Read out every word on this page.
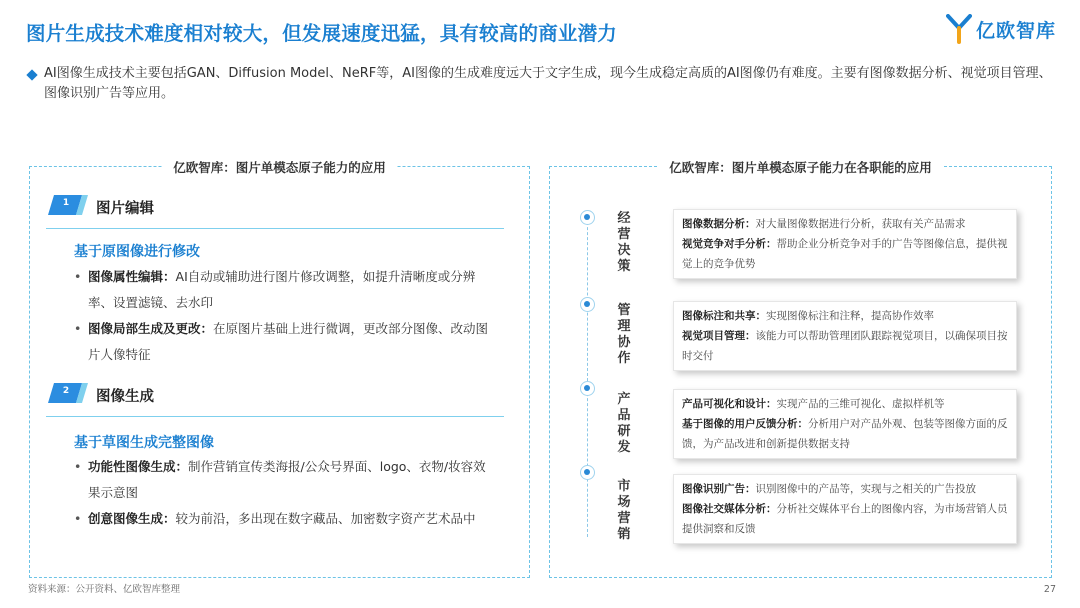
图片生成技术难度相对较大，但发展速度迅猛，具有较高的商业潜力	亿欧智库

AI图像生成技术主要包括GAN、Diffusion Model、NeRF等，AI图像的生成难度远大于文字生成，现今生成稳定高质的AI图像仍有难度。主要有图像数据分析、视觉项目管理、图像识别广告等应用。

亿欧智库：图片单模态原子能力的应用
1	图片编辑
基于原图像进行修改
• 图像属性编辑：AI自动或辅助进行图片修改调整，如提升清晰度或分辨率、设置滤镜、去水印
• 图像局部生成及更改：在原图片基础上进行微调，更改部分图像、改动图片人像特征
2	图像生成
基于草图生成完整图像
• 功能性图像生成：制作营销宣传类海报/公众号界面、logo、衣物/妆容效果示意图
• 创意图像生成：较为前沿，多出现在数字藏品、加密数字资产艺术品中
亿欧智库：图片单模态原子能力在各职能的应用
经营决策

图像数据分析：对大量图像数据进行分析，获取有关产品需求

视觉竞争对手分析：帮助企业分析竞争对手的广告等图像信息，提供视觉上的竞争优势

管理协作

图像标注和共享：实现图像标注和注释，提高协作效率

视觉项目管理：该能力可以帮助管理团队跟踪视觉项目，以确保项目按时交付

产品研发

产品可视化和设计：实现产品的三维可视化、虚拟样机等

基于图像的用户反馈分析：分析用户对产品外观、包装等图像方面的反馈，为产品改进和创新提供数据支持

市场营销

图像识别广告：识别图像中的产品等，实现与之相关的广告投放

图像社交媒体分析：分析社交媒体平台上的图像内容，为市场营销人员提供洞察和反馈

资料来源：公开资料、亿欧智库整理	27
